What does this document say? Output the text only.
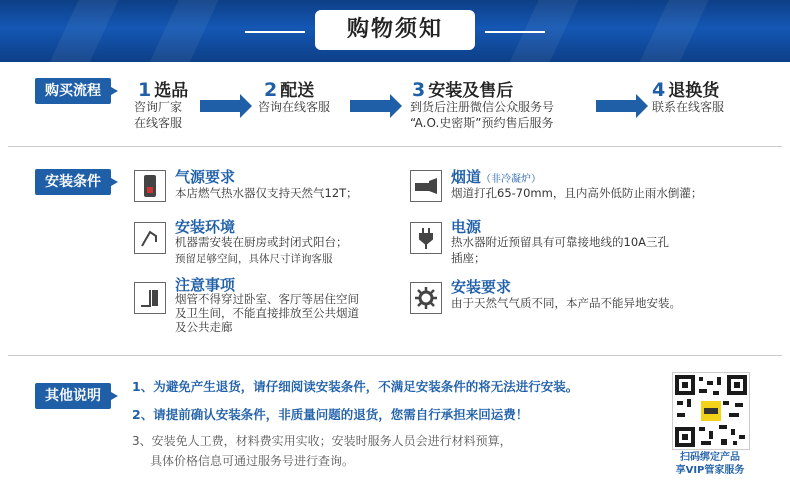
购物须知
购买流程	1 选品
咨询厂家
在线客服
2 配送
咨询在线客服
3 安装及售后
到货后注册微信公众服务号
“A.O.史密斯”预约售后服务
4 退换货
联系在线客服
安装条件	气源要求
本店燃气热水器仅支持天然气12T；
烟道（非冷凝炉）
烟道打孔65-70mm，且内高外低防止雨水倒灌；
安装环境
机器需安装在厨房或封闭式阳台；
预留足够空间，具体尺寸详询客服
电源
热水器附近预留具有可靠接地线的10A三孔
插座；
注意事项
烟管不得穿过卧室、客厅等居住空间
及卫生间，不能直接排放至公共烟道
及公共走廊
安装要求
由于天然气气质不同，本产品不能异地安装。
其他说明
1、为避免产生退货，请仔细阅读安装条件，不满足安装条件的将无法进行安装。
2、请提前确认安装条件，非质量问题的退货，您需自行承担来回运费！
3、安装免人工费，材料费实用实收；安装时服务人员会进行材料预算，
具体价格信息可通过服务号进行查询。	扫码绑定产品
享VIP管家服务
